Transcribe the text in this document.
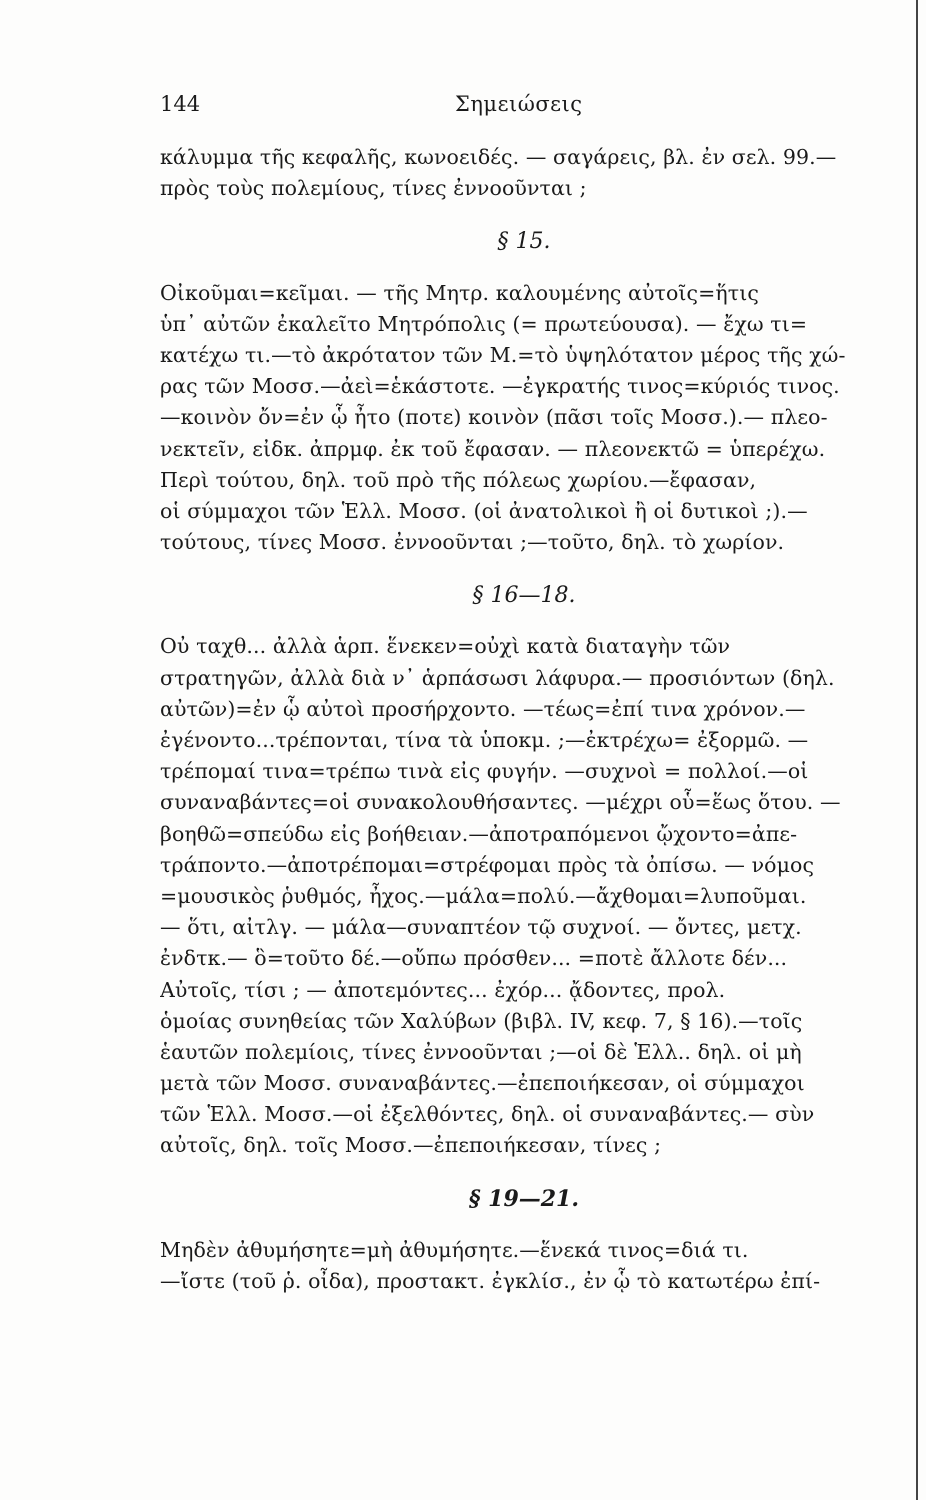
144	Σημειώσεις
κάλυμμα τῆς κεφαλῆς, κωνοειδές. — σαγάρεις, βλ. ἐν σελ. 99.—
πρὸς τοὺς πολεμίους, τίνες ἐννοοῦνται ;
§ 15.
Οἰκοῦμαι=κεῖμαι. — τῆς Μητρ. καλουμένης αὐτοῖς=ἥτις
ὑπ᾽ αὐτῶν ἐκαλεῖτο Μητρόπολις (= πρωτεύουσα). — ἔχω τι=
κατέχω τι.—τὸ ἀκρότατον τῶν Μ.=τὸ ὑψηλότατον μέρος τῆς χώ-
ρας τῶν Μοσσ.—ἀεὶ=ἑκάστοτε. —ἐγκρατής τινος=κύριός τινος.
—κοινὸν ὄν=ἐν ᾧ ἦτο (ποτε) κοινὸν (πᾶσι τοῖς Μοσσ.).— πλεο-
νεκτεῖν, εἰδκ. ἀπρμφ. ἐκ τοῦ ἔφασαν. — πλεονεκτῶ = ὑπερέχω.
Περὶ τούτου, δηλ. τοῦ πρὸ τῆς πόλεως χωρίου.—ἔφασαν,
οἱ σύμμαχοι τῶν Ἑλλ. Μοσσ. (οἱ ἀνατολικοὶ ἢ οἱ δυτικοὶ ;).—
τούτους, τίνες Μοσσ. ἐννοοῦνται ;—τοῦτο, δηλ. τὸ χωρίον.
§ 16—18.
Οὐ ταχθ... ἀλλὰ ἁρπ. ἕνεκεν=οὐχὶ κατὰ διαταγὴν τῶν
στρατηγῶν, ἀλλὰ διὰ ν᾽ ἁρπάσωσι λάφυρα.— προσιόντων (δηλ.
αὐτῶν)=ἐν ᾧ αὐτοὶ προσήρχοντο. —τέως=ἐπί τινα χρόνον.—
ἐγένοντο...τρέπονται, τίνα τὰ ὑποκμ. ;—ἐκτρέχω= ἐξορμῶ. —
τρέπομαί τινα=τρέπω τινὰ εἰς φυγήν. —συχνοὶ = πολλοί.—οἱ
συναναβάντες=οἱ συνακολουθήσαντες. —μέχρι οὗ=ἕως ὅτου. —
βοηθῶ=σπεύδω εἰς βοήθειαν.—ἀποτραπόμενοι ᾤχοντο=ἀπε-
τράποντο.—ἀποτρέπομαι=στρέφομαι πρὸς τὰ ὀπίσω. — νόμος
=μουσικὸς ῥυθμός, ἦχος.—μάλα=πολύ.—ἄχθομαι=λυποῦμαι.
— ὅτι, αἰτλγ. — μάλα—συναπτέον τῷ συχνοί. — ὄντες, μετχ.
ἐνδτκ.— ὃ=τοῦτο δέ.—οὔπω πρόσθεν... =ποτὲ ἄλλοτε δέν...
Αὐτοῖς, τίσι ; — ἀποτεμόντες... ἐχόρ... ᾄδοντες, προλ.
ὁμοίας συνηθείας τῶν Χαλύβων (βιβλ. IV, κεφ. 7, § 16).—τοῖς
ἑαυτῶν πολεμίοις, τίνες ἐννοοῦνται ;—οἱ δὲ Ἑλλ.. δηλ. οἱ μὴ
μετὰ τῶν Μοσσ. συναναβάντες.—ἐπεποιήκεσαν, οἱ σύμμαχοι
τῶν Ἑλλ. Μοσσ.—οἱ ἐξελθόντες, δηλ. οἱ συναναβάντες.— σὺν
αὐτοῖς, δηλ. τοῖς Μοσσ.—ἐπεποιήκεσαν, τίνες ;
§ 19—21.
Μηδὲν ἀθυμήσητε=μὴ ἀθυμήσητε.—ἕνεκά τινος=διά τι.
—ἴστε (τοῦ ῥ. οἶδα), προστακτ. ἐγκλίσ., ἐν ᾧ τὸ κατωτέρω ἐπί-
